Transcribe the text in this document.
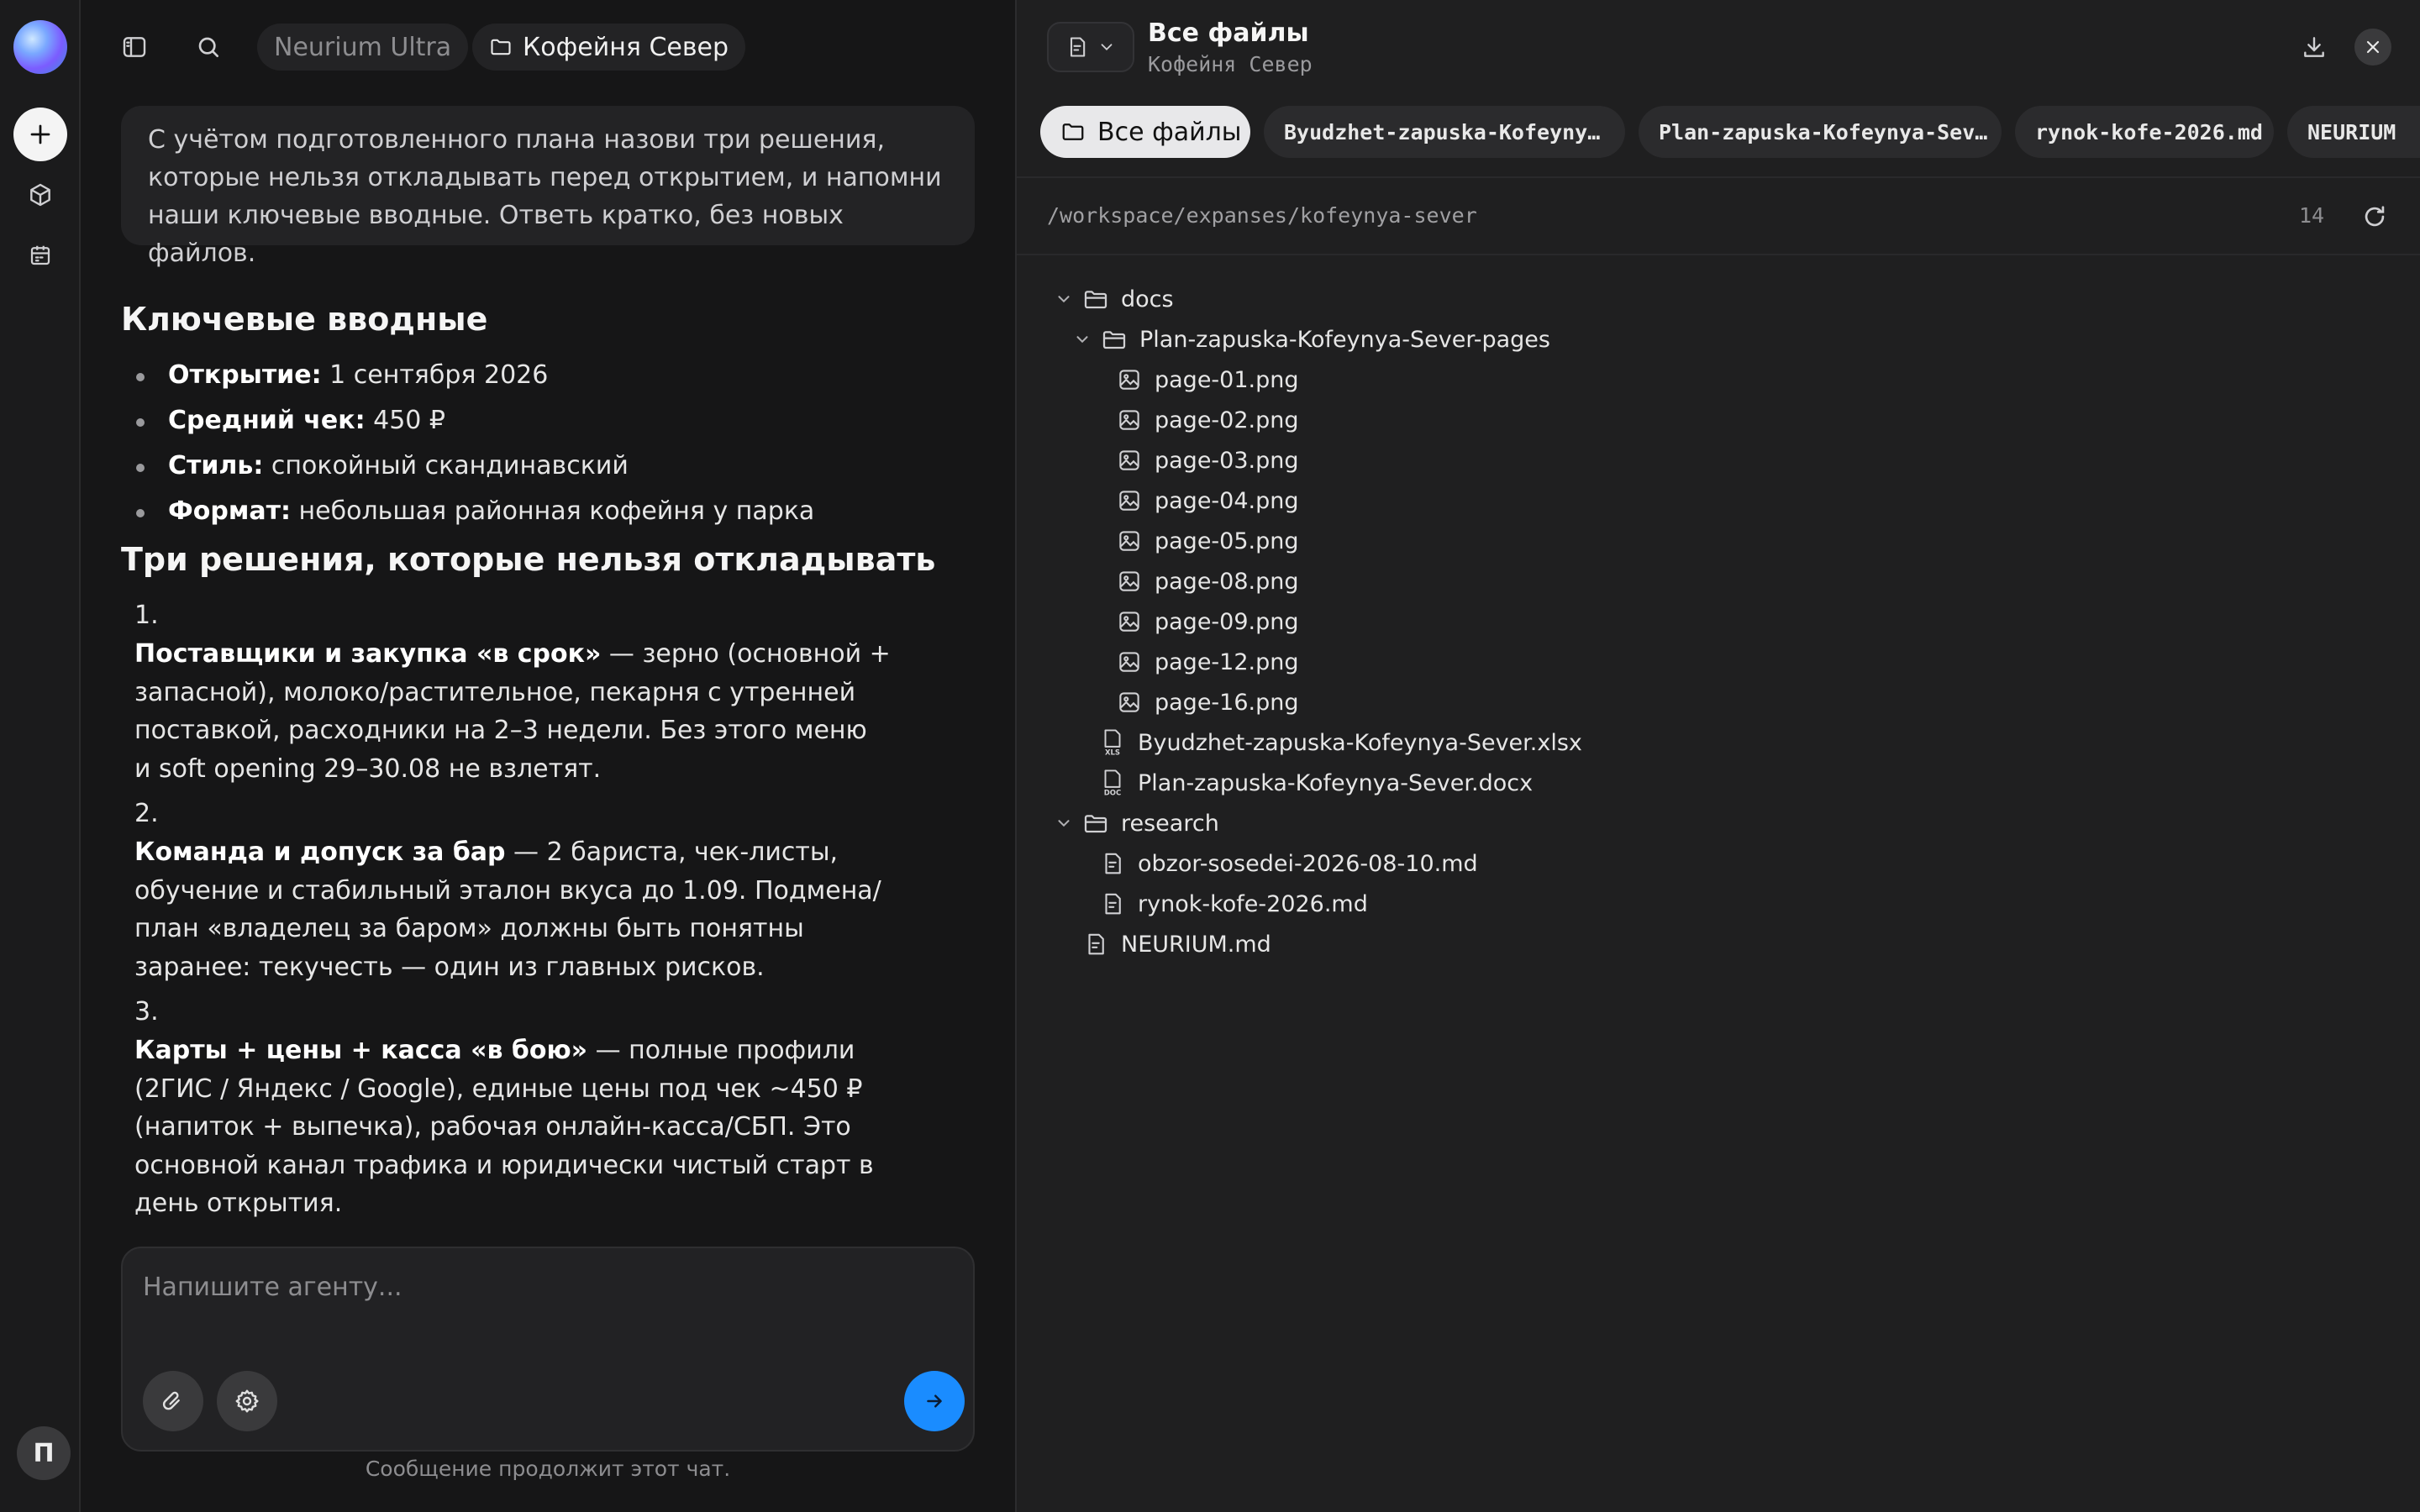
П
Neurium Ultra	Кофейня Север
С учётом подготовленного плана назови три решения, которые нельзя откладывать перед открытием, и напомни наши ключевые вводные. Ответь кратко, без новых файлов.
Ключевые вводные
Открытие: 1 сентября 2026
Средний чек: 450 ₽
Стиль: спокойный скандинавский
Формат: небольшая районная кофейня у парка
Три решения, которые нельзя откладывать
1.
Поставщики и закупка «в срок» — зерно (основной + запасной), молоко/растительное, пекарня с утренней поставкой, расходники на 2–3 недели. Без этого меню и soft opening 29–30.08 не взлетят.
2.
Команда и допуск за бар — 2 бариста, чек-листы, обучение и стабильный эталон вкуса до 1.09. Подмена/план «владелец за баром» должны быть понятны заранее: текучесть — один из главных рисков.
3.
Карты + цены + касса «в бою» — полные профили (2ГИС / Яндекс / Google), единые цены под чек ~450 ₽ (напиток + выпечка), рабочая онлайн-касса/СБП. Это основной канал трафика и юридически чистый старт в день открытия.
Напишите агенту...
Сообщение продолжит этот чат.
Все файлы
Кофейня Север
Все файлы Byudzhet-zapuska-Kofeyny…	Plan-zapuska-Kofeynya-Sev… rynok-kofe-2026.md NEURIUM
/workspace/expanses/kofeynya-sever	14
docs
Plan-zapuska-Kofeynya-Sever-pages
page-01.png
page-02.png
page-03.png
page-04.png
page-05.png
page-08.png
page-09.png
page-12.png
page-16.png
XLS Byudzhet-zapuska-Kofeynya-Sever.xlsx
DOC Plan-zapuska-Kofeynya-Sever.docx
research
obzor-sosedei-2026-08-10.md
rynok-kofe-2026.md
NEURIUM.md
